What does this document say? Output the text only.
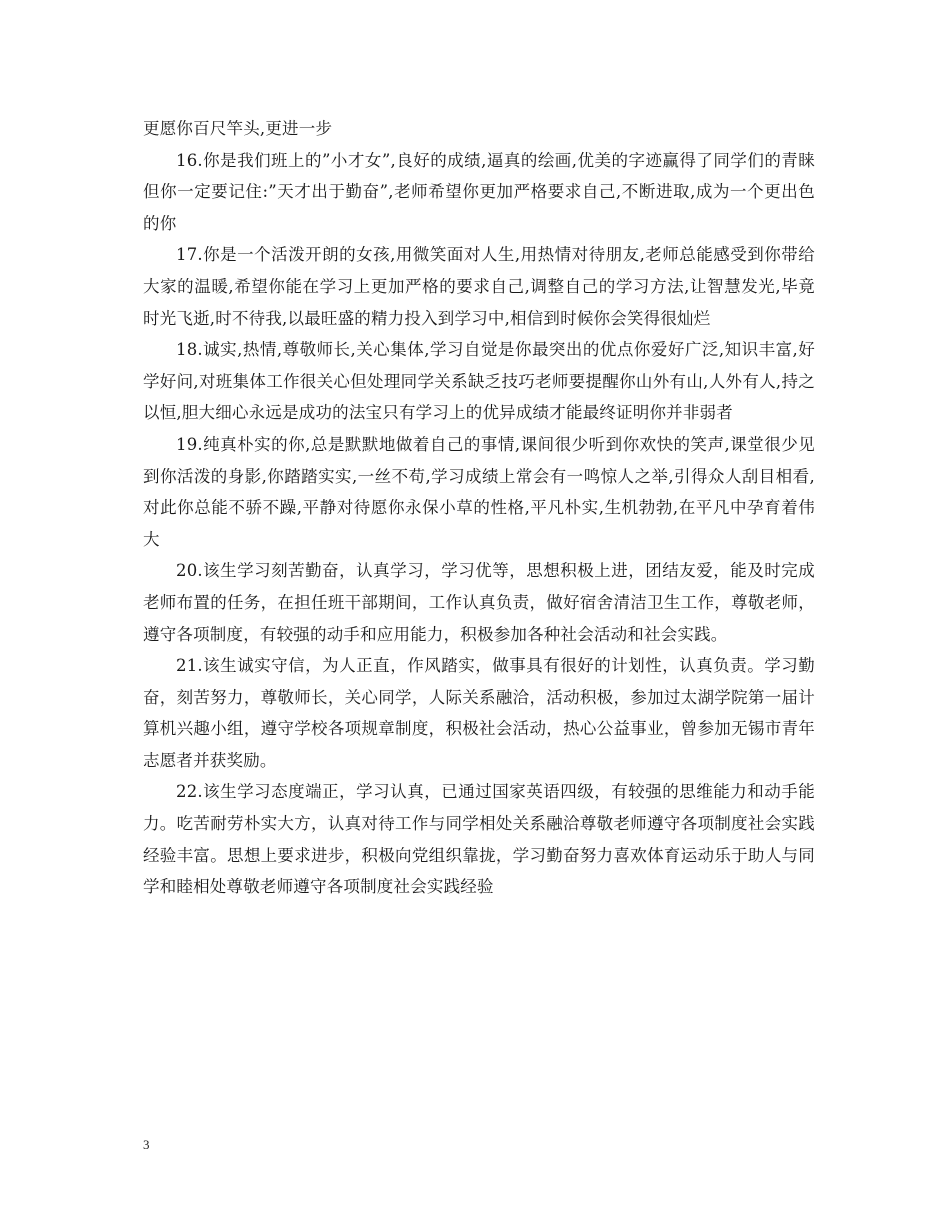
更愿你百尺竿头,更进一步

16.你是我们班上的”小才女”,良好的成绩,逼真的绘画,优美的字迹赢得了同学们的青睐但你一定要记住:”天才出于勤奋”,老师希望你更加严格要求自己,不断进取,成为一个更出色的你

17.你是一个活泼开朗的女孩,用微笑面对人生,用热情对待朋友,老师总能感受到你带给大家的温暖,希望你能在学习上更加严格的要求自己,调整自己的学习方法,让智慧发光,毕竟时光飞逝,时不待我,以最旺盛的精力投入到学习中,相信到时候你会笑得很灿烂

18.诚实,热情,尊敬师长,关心集体,学习自觉是你最突出的优点你爱好广泛,知识丰富,好学好问,对班集体工作很关心但处理同学关系缺乏技巧老师要提醒你山外有山,人外有人,持之以恒,胆大细心永远是成功的法宝只有学习上的优异成绩才能最终证明你并非弱者

19.纯真朴实的你,总是默默地做着自己的事情,课间很少听到你欢快的笑声,课堂很少见到你活泼的身影,你踏踏实实,一丝不苟,学习成绩上常会有一鸣惊人之举,引得众人刮目相看,对此你总能不骄不躁,平静对待愿你永保小草的性格,平凡朴实,生机勃勃,在平凡中孕育着伟大

20.该生学习刻苦勤奋，认真学习，学习优等，思想积极上进，团结友爱，能及时完成老师布置的任务，在担任班干部期间，工作认真负责，做好宿舍清洁卫生工作，尊敬老师，遵守各项制度，有较强的动手和应用能力，积极参加各种社会活动和社会实践。

21.该生诚实守信，为人正直，作风踏实，做事具有很好的计划性，认真负责。学习勤奋，刻苦努力，尊敬师长，关心同学，人际关系融洽，活动积极，参加过太湖学院第一届计算机兴趣小组，遵守学校各项规章制度，积极社会活动，热心公益事业，曾参加无锡市青年志愿者并获奖励。

22.该生学习态度端正，学习认真，已通过国家英语四级，有较强的思维能力和动手能力。吃苦耐劳朴实大方，认真对待工作与同学相处关系融洽尊敬老师遵守各项制度社会实践经验丰富。思想上要求进步，积极向党组织靠拢，学习勤奋努力喜欢体育运动乐于助人与同学和睦相处尊敬老师遵守各项制度社会实践经验

3
